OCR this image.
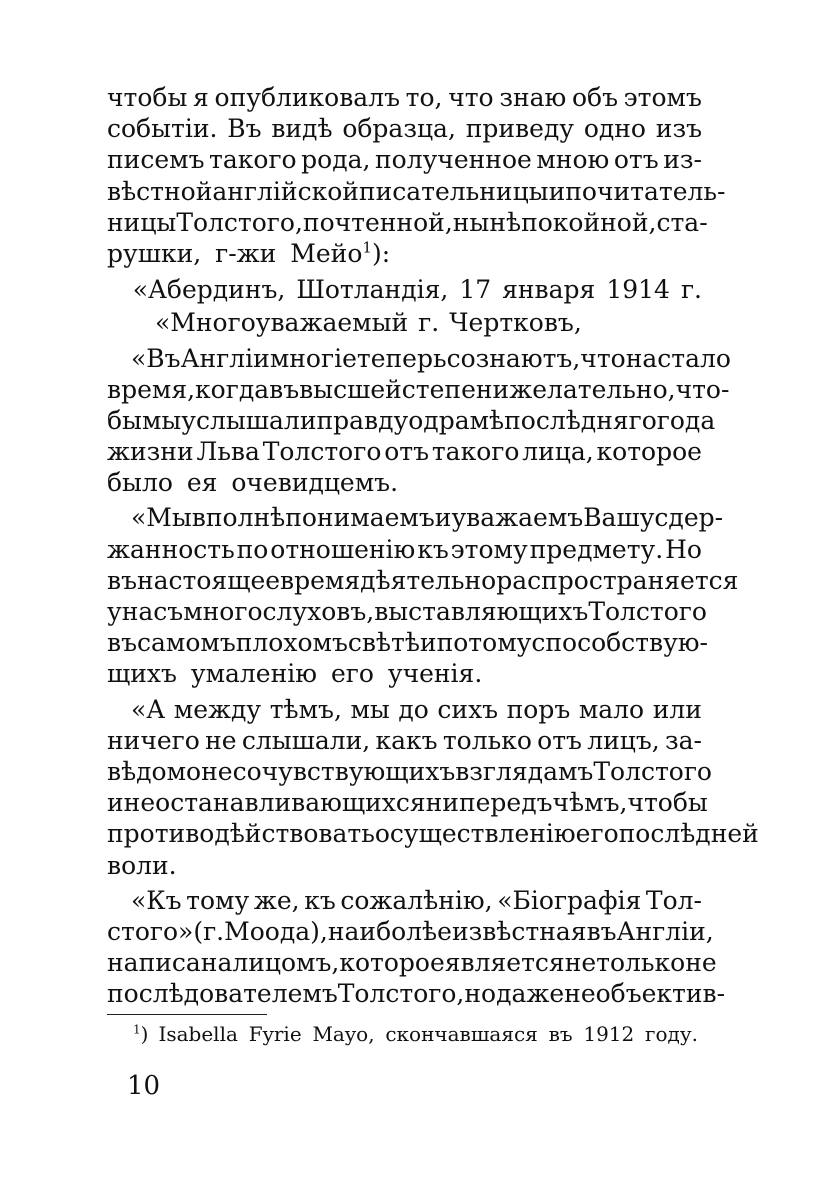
чтобы я опубликовалъ то, что знаю объ этомъ
событiи. Въ видѣ образца, приведу одно изъ
писемъ такого рода, полученное мною отъ из-
вѣстной англiйской писательницы и почитатель-
ницы Толстого, почтенной, нынѣ покойной, ста-
рушки, г-жи Мейо $^1$):
«Абердинъ, Шотландiя, 17 января 1914 г.
«Многоуважаемый г. Чертковъ,
«Въ Англiи многiе теперь сознаютъ, что настало
время, когда въ высшей степени желательно, что-
бы мы услышали правду о драмѣ послѣдняго года
жизни Льва Толстого отъ такого лица, которое
было ея очевидцемъ.
«Мы вполнѣ понимаемъ и уважаемъ Вашу сдер-
жанность по отношенiю къ этому предмету. Но
въ настоящее время дѣятельно распространяется
у насъ много слуховъ, выставляющихъ Толстого
въ самомъ плохомъ свѣтѣ и потому способствую-
щихъ умаленiю его ученiя.
«А между тѣмъ, мы до сихъ поръ мало или
ничего не слышали, какъ только отъ лицъ, за-
вѣдомо не сочувствующихъ взглядамъ Толстого
и не останавливающихся ни передъ чѣмъ, чтобы
противодѣйствовать осуществленiю его послѣдней
воли.
«Къ тому же, къ сожалѣнiю, «Бiографiя Тол-
стого» (г. Моода), наиболѣе извѣстная въ Англiи,
написана лицомъ, которое является не только не
послѣдователемъ Толстого, но даже не объектив-
$^1$) Isabella Fyrie Mayo, скончавшаяся въ 1912 году.
10
